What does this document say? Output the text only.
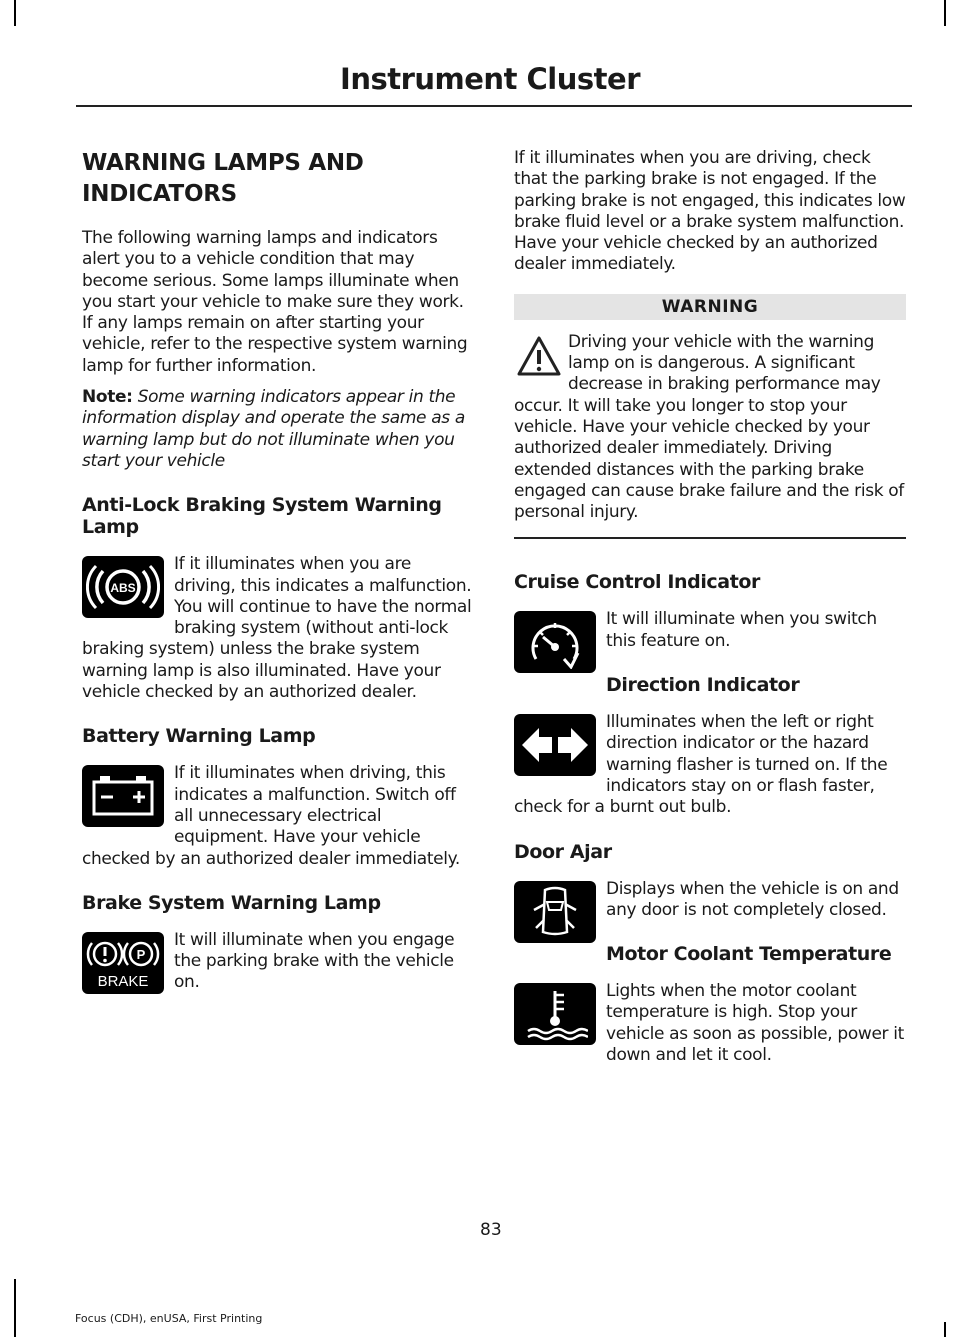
Instrument Cluster
WARNING LAMPS AND INDICATORS

The following warning lamps and indicators alert you to a vehicle condition that may become serious. Some lamps illuminate when you start your vehicle to make sure they work. If any lamps remain on after starting your vehicle, refer to the respective system warning lamp for further information.

Note: Some warning indicators appear in the information display and operate the same as a warning lamp but do not illuminate when you start your vehicle

Anti-Lock Braking System Warning Lamp
ABS

If it illuminates when you are driving, this indicates a malfunction. You will continue to have the normal braking system (without anti-lock braking system) unless the brake system warning lamp is also illuminated. Have your vehicle checked by an authorized dealer.

Battery Warning Lamp

If it illuminates when driving, this indicates a malfunction. Switch off all unnecessary electrical equipment. Have your vehicle checked by an authorized dealer immediately.

Brake System Warning Lamp
P
BRAKE

It will illuminate when you engage the parking brake with the vehicle on.

If it illuminates when you are driving, check that the parking brake is not engaged. If the parking brake is not engaged, this indicates low brake fluid level or a brake system malfunction. Have your vehicle checked by an authorized dealer immediately.

WARNING
Driving your vehicle with the warning lamp on is dangerous. A significant decrease in braking performance may occur. It will take you longer to stop your vehicle. Have your vehicle checked by your authorized dealer immediately. Driving extended distances with the parking brake engaged can cause brake failure and the risk of personal injury.
Cruise Control Indicator

It will illuminate when you switch this feature on.

Direction Indicator

Illuminates when the left or right direction indicator or the hazard warning flasher is turned on. If the indicators stay on or flash faster, check for a burnt out bulb.

Door Ajar

Displays when the vehicle is on and any door is not completely closed.

Motor Coolant Temperature

Lights when the motor coolant temperature is high. Stop your vehicle as soon as possible, power it down and let it cool.

83
Focus (CDH), enUSA, First Printing
